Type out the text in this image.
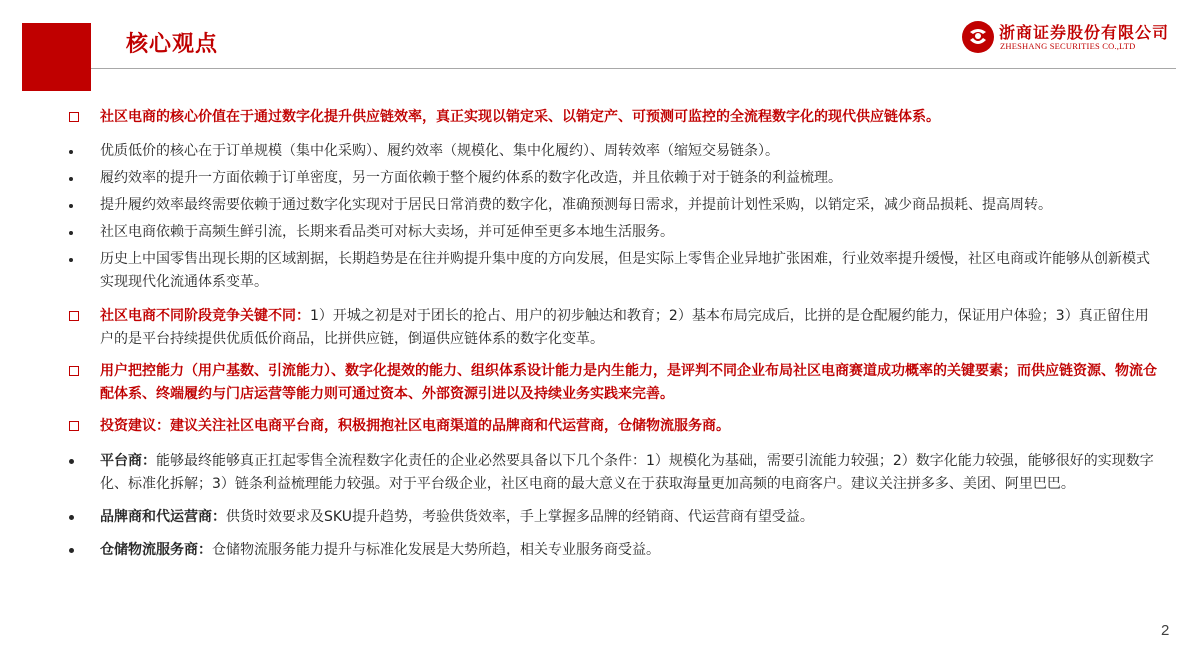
核心观点	浙商证券股份有限公司
ZHESHANG SECURITIES CO.,LTD
社区电商的核心价值在于通过数字化提升供应链效率，真正实现以销定采、以销定产、可预测可监控的全流程数字化的现代供应链体系。
优质低价的核心在于订单规模（集中化采购）、履约效率（规模化、集中化履约）、周转效率（缩短交易链条）。
履约效率的提升一方面依赖于订单密度，另一方面依赖于整个履约体系的数字化改造，并且依赖于对于链条的利益梳理。
提升履约效率最终需要依赖于通过数字化实现对于居民日常消费的数字化，准确预测每日需求，并提前计划性采购，以销定采，减少商品损耗、提高周转。
社区电商依赖于高频生鲜引流，长期来看品类可对标大卖场，并可延伸至更多本地生活服务。
历史上中国零售出现长期的区域割据，长期趋势是在往并购提升集中度的方向发展，但是实际上零售企业异地扩张困难，行业效率提升缓慢，社区电商或许能够从创新模式实现现代化流通体系变革。
社区电商不同阶段竞争关键不同：1）开城之初是对于团长的抢占、用户的初步触达和教育；2）基本布局完成后，比拼的是仓配履约能力，保证用户体验；3）真正留住用户的是平台持续提供优质低价商品，比拼供应链，倒逼供应链体系的数字化变革。
用户把控能力（用户基数、引流能力）、数字化提效的能力、组织体系设计能力是内生能力，是评判不同企业布局社区电商赛道成功概率的关键要素；而供应链资源、物流仓配体系、终端履约与门店运营等能力则可通过资本、外部资源引进以及持续业务实践来完善。
投资建议：建议关注社区电商平台商，积极拥抱社区电商渠道的品牌商和代运营商，仓储物流服务商。
平台商：能够最终能够真正扛起零售全流程数字化责任的企业必然要具备以下几个条件：1）规模化为基础，需要引流能力较强；2）数字化能力较强，能够很好的实现数字化、标准化拆解；3）链条利益梳理能力较强。对于平台级企业，社区电商的最大意义在于获取海量更加高频的电商客户。建议关注拼多多、美团、阿里巴巴。
品牌商和代运营商：供货时效要求及SKU提升趋势，考验供货效率，手上掌握多品牌的经销商、代运营商有望受益。
仓储物流服务商：仓储物流服务能力提升与标准化发展是大势所趋，相关专业服务商受益。
2
